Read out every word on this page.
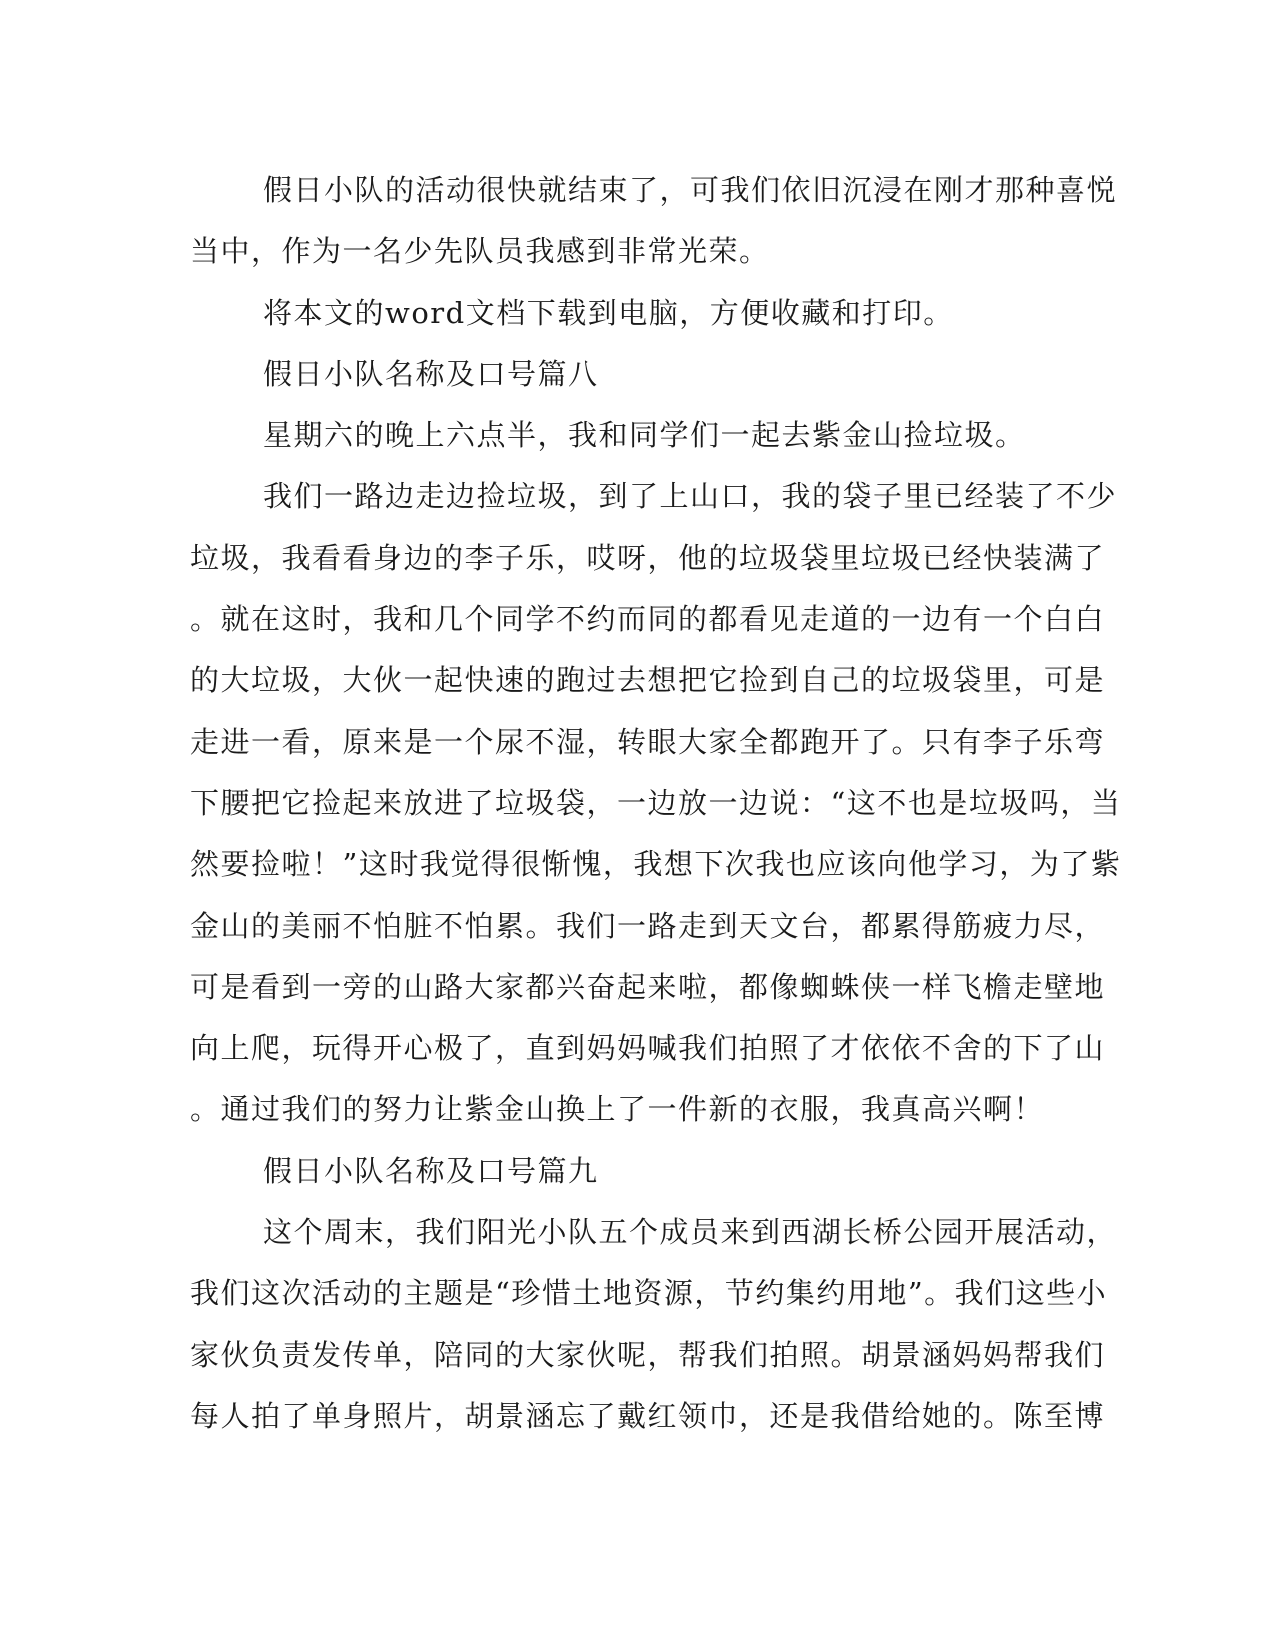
假日小队的活动很快就结束了，可我们依旧沉浸在刚才那种喜悦
当中，作为一名少先队员我感到非常光荣。
将本文的word文档下载到电脑，方便收藏和打印。
假日小队名称及口号篇八
星期六的晚上六点半，我和同学们一起去紫金山捡垃圾。
我们一路边走边捡垃圾，到了上山口，我的袋子里已经装了不少
垃圾，我看看身边的李子乐，哎呀，他的垃圾袋里垃圾已经快装满了
。就在这时，我和几个同学不约而同的都看见走道的一边有一个白白
的大垃圾，大伙一起快速的跑过去想把它捡到自己的垃圾袋里，可是
走进一看，原来是一个尿不湿，转眼大家全都跑开了。只有李子乐弯
下腰把它捡起来放进了垃圾袋，一边放一边说：“这不也是垃圾吗，当
然要捡啦！”这时我觉得很惭愧，我想下次我也应该向他学习，为了紫
金山的美丽不怕脏不怕累。我们一路走到天文台，都累得筋疲力尽，
可是看到一旁的山路大家都兴奋起来啦，都像蜘蛛侠一样飞檐走壁地
向上爬，玩得开心极了，直到妈妈喊我们拍照了才依依不舍的下了山
。通过我们的努力让紫金山换上了一件新的衣服，我真高兴啊！
假日小队名称及口号篇九
这个周末，我们阳光小队五个成员来到西湖长桥公园开展活动，
我们这次活动的主题是“珍惜土地资源，节约集约用地”。我们这些小
家伙负责发传单，陪同的大家伙呢，帮我们拍照。胡景涵妈妈帮我们
每人拍了单身照片，胡景涵忘了戴红领巾，还是我借给她的。陈至博
